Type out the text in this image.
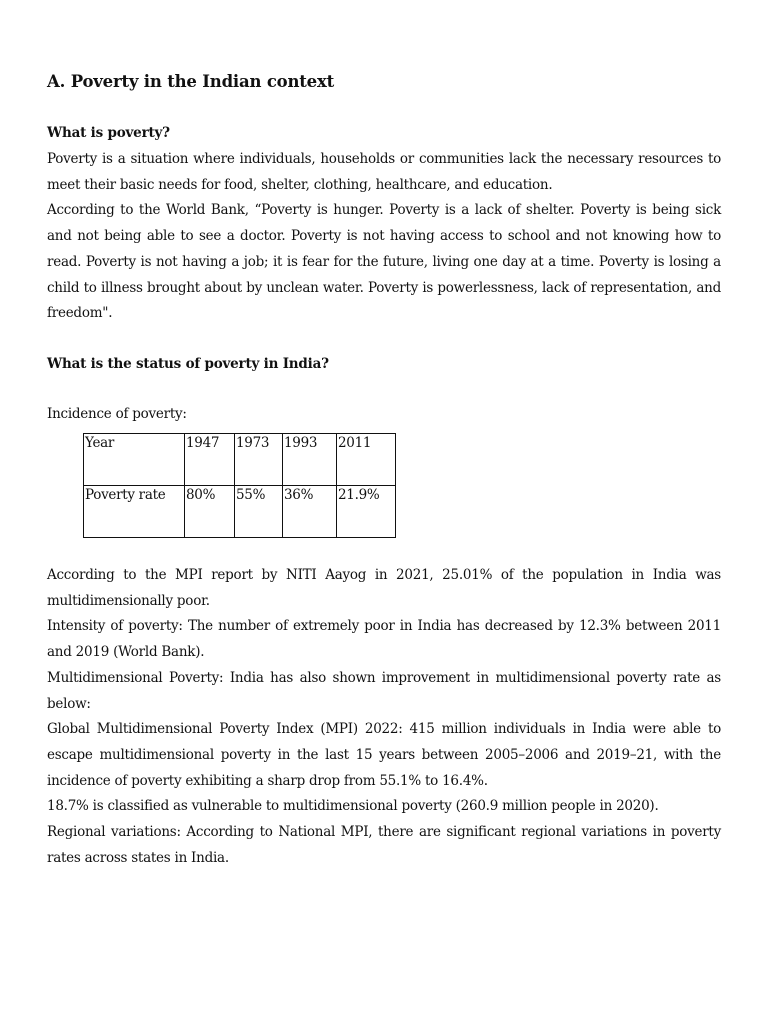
A. Poverty in the Indian context
What is poverty?

Poverty is a situation where individuals, households or communities lack the necessary resources to meet their basic needs for food, shelter, clothing, healthcare, and education.

According to the World Bank, “Poverty is hunger. Poverty is a lack of shelter. Poverty is being sick and not being able to see a doctor. Poverty is not having access to school and not knowing how to read. Poverty is not having a job; it is fear for the future, living one day at a time. Poverty is losing a child to illness brought about by unclean water. Poverty is powerlessness, lack of representation, and freedom".

What is the status of poverty in India?

Incidence of poverty:

Year	1947	1973	1993	2011
Poverty rate	80%	55%	36%	21.9%

According to the MPI report by NITI Aayog in 2021, 25.01% of the population in India was multidimensionally poor.

Intensity of poverty: The number of extremely poor in India has decreased by 12.3% between 2011 and 2019 (World Bank).

Multidimensional Poverty: India has also shown improvement in multidimensional poverty rate as below:

Global Multidimensional Poverty Index (MPI) 2022: 415 million individuals in India were able to escape multidimensional poverty in the last 15 years between 2005–2006 and 2019–21, with the incidence of poverty exhibiting a sharp drop from 55.1% to 16.4%.

18.7% is classified as vulnerable to multidimensional poverty (260.9 million people in 2020).

Regional variations: According to National MPI, there are significant regional variations in poverty rates across states in India.
